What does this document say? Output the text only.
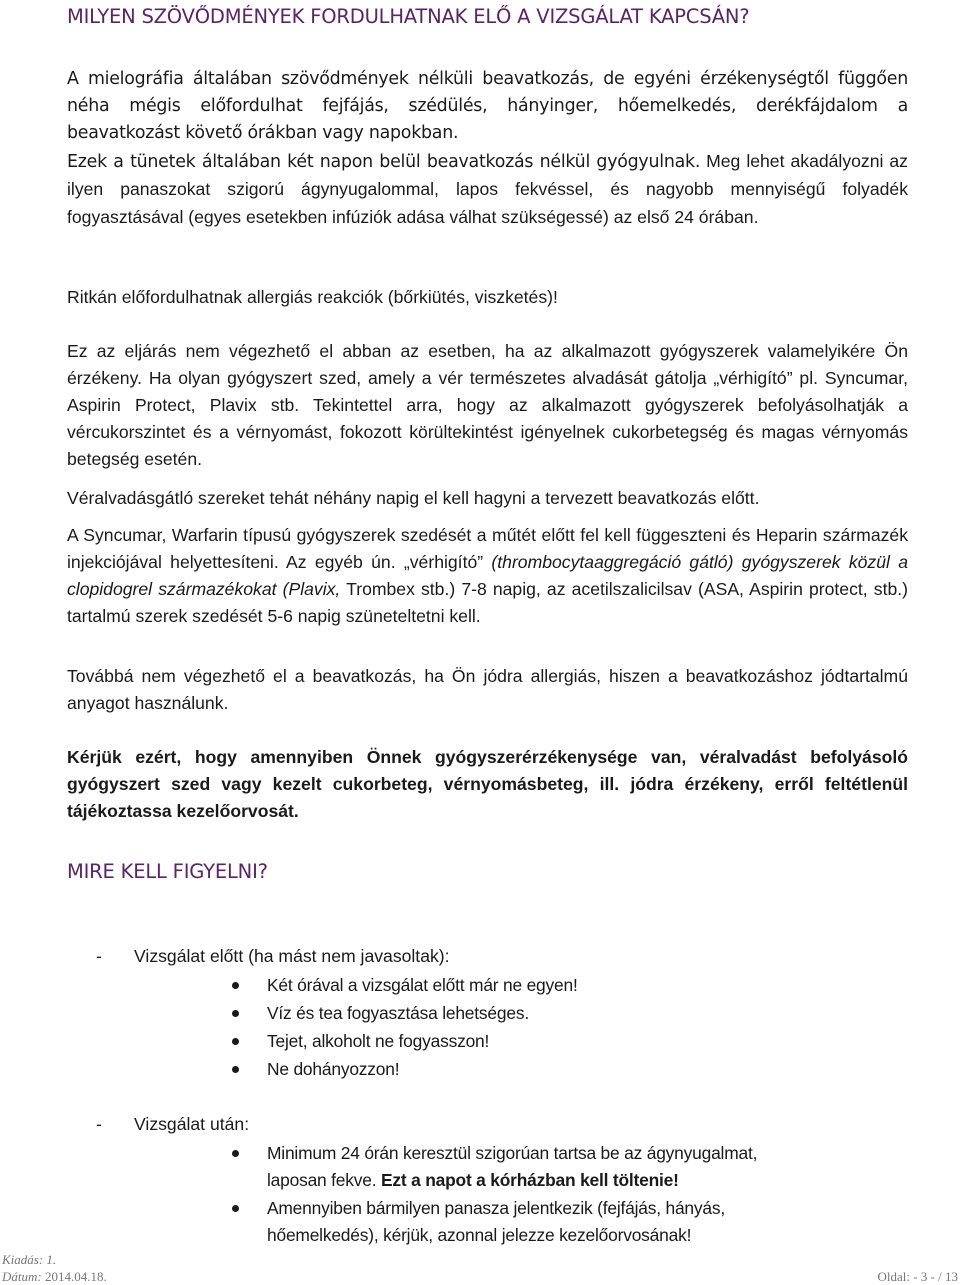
MILYEN SZÖVŐDMÉNYEK FORDULHATNAK ELŐ A VIZSGÁLAT KAPCSÁN?

A mielográfia általában szövődmények nélküli beavatkozás, de egyéni érzékenységtől függően néha mégis előfordulhat fejfájás, szédülés, hányinger, hőemelkedés, derékfájdalom a beavatkozást követő órákban vagy napokban.

Ezek a tünetek általában két napon belül beavatkozás nélkül gyógyulnak. Meg lehet akadályozni az ilyen panaszokat szigorú ágynyugalommal, lapos fekvéssel, és nagyobb mennyiségű folyadék fogyasztásával (egyes esetekben infúziók adása válhat szükségessé) az első 24 órában.

Ritkán előfordulhatnak allergiás reakciók (bőrkiütés, viszketés)!

Ez az eljárás nem végezhető el abban az esetben, ha az alkalmazott gyógyszerek valamelyikére Ön érzékeny. Ha olyan gyógyszert szed, amely a vér természetes alvadását gátolja „vérhigító” pl. Syncumar, Aspirin Protect, Plavix stb. Tekintettel arra, hogy az alkalmazott gyógyszerek befolyásolhatják a vércukorszintet és a vérnyomást, fokozott körültekintést igényelnek cukorbetegség és magas vérnyomás betegség esetén.

Véralvadásgátló szereket tehát néhány napig el kell hagyni a tervezett beavatkozás előtt.

A Syncumar, Warfarin típusú gyógyszerek szedését a műtét előtt fel kell függeszteni és Heparin származék injekciójával helyettesíteni. Az egyéb ún. „vérhigító” (thrombocytaaggregáció gátló) gyógyszerek közül a clopidogrel származékokat (Plavix, Trombex stb.) 7-8 napig, az acetilszalicilsav (ASA, Aspirin protect, stb.) tartalmú szerek szedését 5-6 napig szüneteltetni kell.

Továbbá nem végezhető el a beavatkozás, ha Ön jódra allergiás, hiszen a beavatkozáshoz jódtartalmú anyagot használunk.

Kérjük ezért, hogy amennyiben Önnek gyógyszerérzékenysége van, véralvadást befolyásoló gyógyszert szed vagy kezelt cukorbeteg, vérnyomásbeteg, ill. jódra érzékeny, erről feltétlenül tájékoztassa kezelőorvosát.

MIRE KELL FIGYELNI?
- Vizsgálat előtt (ha mást nem javasoltak):
Két órával a vizsgálat előtt már ne egyen!
Víz és tea fogyasztása lehetséges.
Tejet, alkoholt ne fogyasszon!
Ne dohányozzon!
- Vizsgálat után:
Minimum 24 órán keresztül szigorúan tartsa be az ágynyugalmat,
laposan fekve. Ezt a napot a kórházban kell töltenie!
Amennyiben bármilyen panasza jelentkezik (fejfájás, hányás,
hőemelkedés), kérjük, azonnal jelezze kezelőorvosának!
Kiadás: 1.
Dátum: 2014.04.18.	Oldal: - 3 - / 13
